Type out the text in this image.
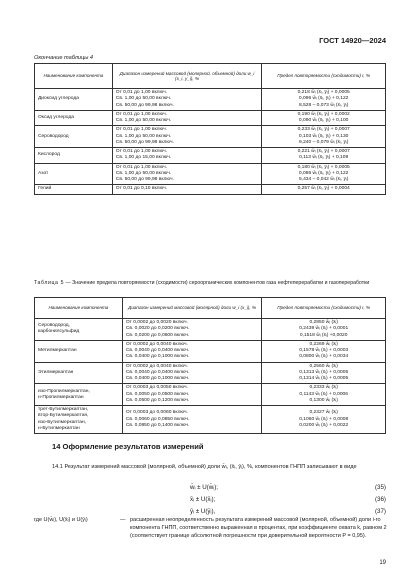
ГОСТ 14920—2024
Окончание таблицы 4
Наименование компонента	Диапазон измерений массовой (молярной, объемной) доли w_i (x_i, y_i), %	Предел повторяемости (сходимости) r, %
Диоксид углерода	От 0,01 до 1,00 включ.
Св. 1,00 до 50,00 включ.
Св. 50,00 до 99,98 включ.	0,218 w̄ᵢ (x̄ᵢ, ȳᵢ) + 0,0005
0,096 w̄ᵢ (x̄ᵢ, ȳᵢ) + 0,122
8,528 – 0,073 w̄ᵢ (x̄ᵢ, ȳᵢ)

Оксид углерода	От 0,01 до 1,00 включ.
Св. 1,00 до 50,00 включ.	0,190 w̄ᵢ (x̄ᵢ, ȳᵢ) + 0,0002
0,090 w̄ᵢ (x̄ᵢ, ȳᵢ) + 0,100

Сероводород	От 0,01 до 1,00 включ.
Св. 1,00 до 50,00 включ.
Св. 50,00 до 99,98 включ.	0,233 w̄ᵢ (x̄ᵢ, ȳᵢ) + 0,0007
0,103 w̄ᵢ (x̄ᵢ, ȳᵢ) + 0,130
9,240 – 0,079 w̄ᵢ (x̄ᵢ, ȳᵢ)

Кислород	От 0,01 до 1,00 включ.
Св. 1,00 до 15,00 включ.	0,221 w̄ᵢ (x̄ᵢ, ȳᵢ) + 0,0007
0,113 w̄ᵢ (x̄ᵢ, ȳᵢ) + 0,109

Азот	От 0,01 до 1,00 включ.
Св. 1,00 до 50,00 включ.
Св. 50,00 до 99,98 включ.	0,180 w̄ᵢ (x̄ᵢ, ȳᵢ) + 0,0005
0,086 w̄ᵢ (x̄ᵢ, ȳᵢ) + 0,122
5,434 – 0,042 w̄ᵢ (x̄ᵢ, ȳᵢ)

Гелий	От 0,01 до 0,10 включ.	0,257 w̄ᵢ (x̄ᵢ, ȳᵢ) + 0,0004
Таблица 5 — Значение предела повторяемости (сходимости) сероорганических компонентов газа нефтеперерабатки и газопереработки
Наименование компонента	Диапазон измерений массовой (молярной) доли w_i (x_i), %	Предел повторяемости (сходимости) r, %

Сероводород,
карбонилсульфид	От 0,0002 до 0,0020 включ.
Св. 0,0020 до 0,0200 включ.
Св. 0,0200 до 0,0600 включ.	0,2850 w̄ᵢ (x̄ᵢ)
0,2439 w̄ᵢ (x̄ᵢ) + 0,0001
0,1518 w̄ᵢ (x̄ᵢ) +0,0020

Метилмеркаптан	От 0,0002 до 0,0040 включ.
Св. 0,0040 до 0,0400 включ.
Св. 0,0400 до 0,1000 включ.	0,2269 w̄ᵢ (x̄ᵢ)
0,1578 w̄ᵢ (x̄ᵢ) + 0,0003
0,0800 w̄ᵢ (x̄ᵢ) + 0,0034

Этилмеркаптан	От 0,0002 до 0,0040 включ.
Св. 0,0040 до 0,0400 включ.
Св. 0,0400 до 0,1000 включ.	0,2560 w̄ᵢ (x̄ᵢ)
0,1313 w̄ᵢ (x̄ᵢ) + 0,0005
0,1314 w̄ᵢ (x̄ᵢ) + 0,0005

изо-Пропилмеркаптан,
н-Пропилмеркаптан	От 0,0003 до 0,0050 включ.
Св. 0,0050 до 0,0500 включ.
Св. 0,0500 до 0,1200 включ.	0,2333 w̄ᵢ (x̄ᵢ)
0,1143 w̄ᵢ (x̄ᵢ) + 0,0006
0,1300 w̄ᵢ (x̄ᵢ)

трет-Бутилмеркаптан,
втор-Бутилмеркаптан,
изо-Бутилмеркаптан,
н-Бутилмеркаптан	От 0,0003 до 0,0060 включ.
Св. 0,0060 до 0,0850 включ.
Св. 0,0850 до 0,1400 включ.	0,2327 w̄ᵢ (x̄ᵢ)
0,1060 w̄ᵢ (x̄ᵢ) + 0,0008
0,0200 w̄ᵢ (x̄ᵢ) + 0,0022
14 Оформление результатов измерений
14.1 Результат измерений массовой (молярной, объемной) доли w̄ᵢ, (x̄ᵢ, ȳᵢ), %, компонентов ГНПП записывают в виде
w̄ᵢ ± U(w̄ᵢ);	(35)
x̄ᵢ ± U(x̄ᵢ);	(36)
ȳᵢ ± U(ȳᵢ),	(37)
где U(w̄ᵢ), U(x̄ᵢ) и U(ȳᵢ)	— расширенная неопределенность результата измерений массовой (молярной, объемной) доли i-го компонента ГНПП, соответственно выраженная в процентах, при коэффициенте охвата k, равном 2 (соответствует границе абсолютной погрешности при доверительной вероятности P = 0,95).
19
